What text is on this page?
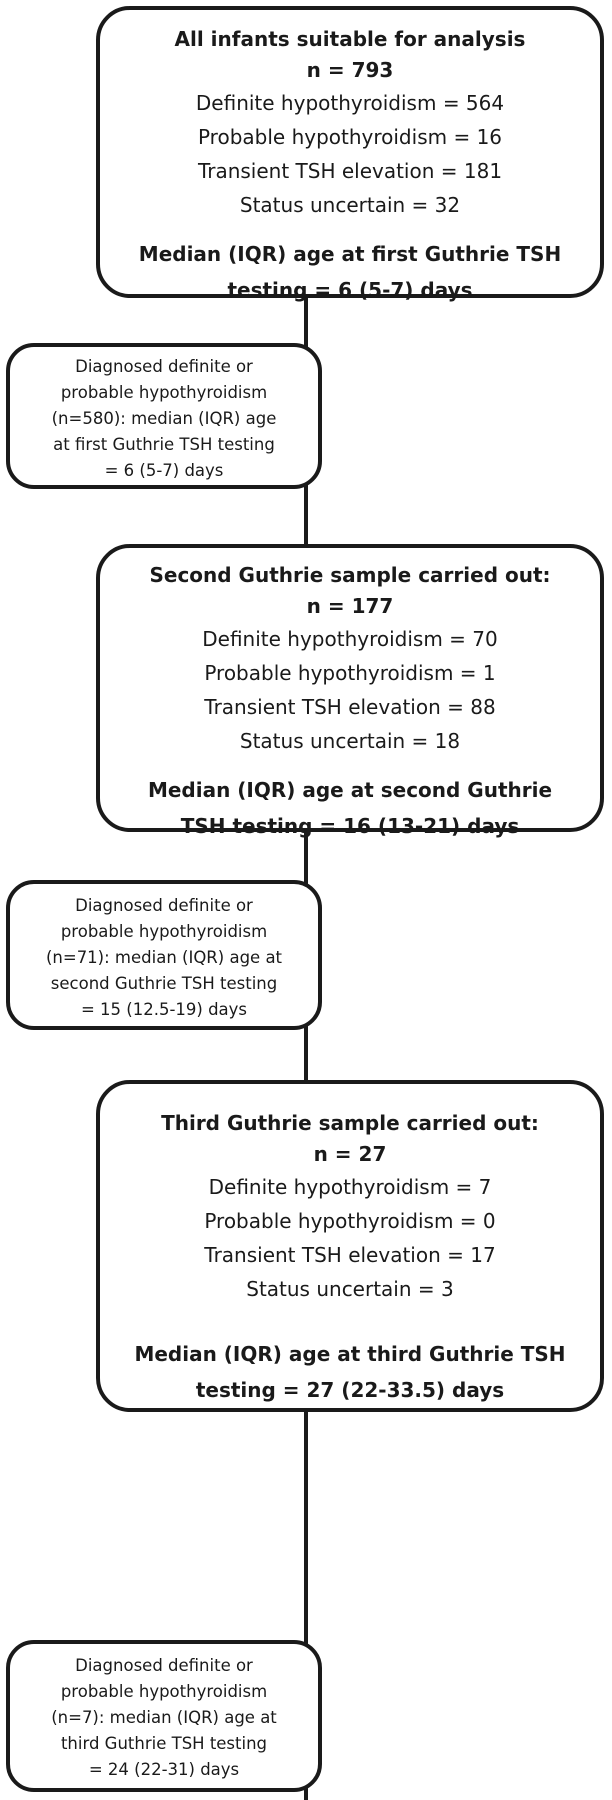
All infants suitable for analysis
n = 793
Definite hypothyroidism = 564
Probable hypothyroidism = 16
Transient TSH elevation = 181
Status uncertain = 32
Median (IQR) age at first Guthrie TSH
testing = 6 (5-7) days
Diagnosed definite or
probable hypothyroidism
(n=580): median (IQR) age
at first Guthrie TSH testing
= 6 (5-7) days
Second Guthrie sample carried out:
n = 177
Definite hypothyroidism = 70
Probable hypothyroidism = 1
Transient TSH elevation = 88
Status uncertain = 18
Median (IQR) age at second Guthrie
TSH testing = 16 (13-21) days
Diagnosed definite or
probable hypothyroidism
(n=71): median (IQR) age at
second Guthrie TSH testing
= 15 (12.5-19) days
Third Guthrie sample carried out:
n = 27
Definite hypothyroidism = 7
Probable hypothyroidism = 0
Transient TSH elevation = 17
Status uncertain = 3
Median (IQR) age at third Guthrie TSH
testing = 27 (22-33.5) days
Diagnosed definite or
probable hypothyroidism
(n=7): median (IQR) age at
third Guthrie TSH testing
= 24 (22-31) days
